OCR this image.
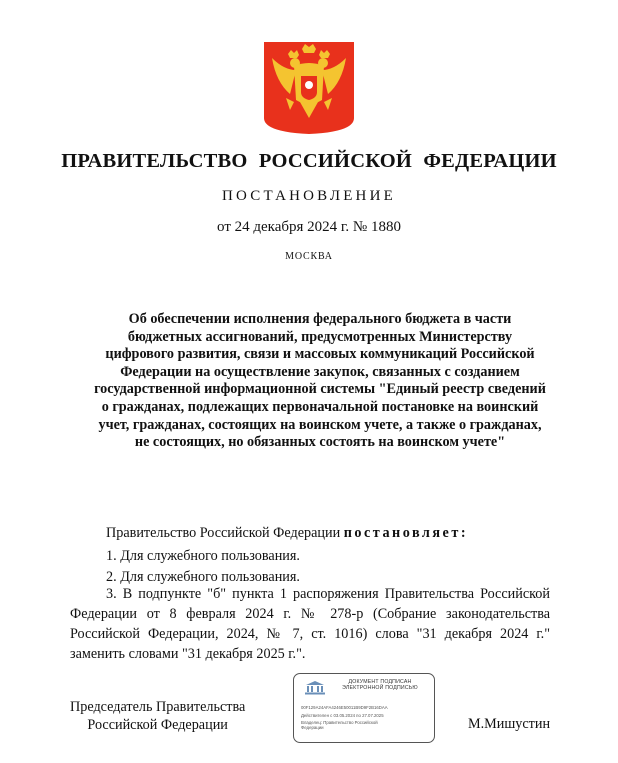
ПРАВИТЕЛЬСТВО РОССИЙСКОЙ ФЕДЕРАЦИИ
ПОСТАНОВЛЕНИЕ
от 24 декабря 2024 г. № 1880
МОСКВА
Об обеспечении исполнения федерального бюджета в части
бюджетных ассигнований, предусмотренных Министерству
цифрового развития, связи и массовых коммуникаций Российской
Федерации на осуществление закупок, связанных с созданием
государственной информационной системы "Единый реестр сведений
о гражданах, подлежащих первоначальной постановке на воинский
учет, гражданах, состоящих на воинском учете, а также о гражданах,
не состоящих, но обязанных состоять на воинском учете"
Правительство Российской Федерации постановляет:
1. Для служебного пользования.
2. Для служебного пользования.
3. В подпункте "б" пункта 1 распоряжения Правительства Российской Федерации от 8 февраля 2024 г. № 278-р (Собрание законодательства Российской Федерации, 2024, № 7, ст. 1016) слова "31 декабря 2024 г." заменить словами "31 декабря 2025 г.".
Председатель Правительства
Российской Федерации
ДОКУМЕНТ ПОДПИСАН
ЭЛЕКТРОННОЙ ПОДПИСЬЮ
00F129A24AFA4246E50011B9D9F2B16DAA
Действителен с 03.05.2024 по 27.07.2025
Владелец: Правительство Российской
Федерации	М.Мишустин
